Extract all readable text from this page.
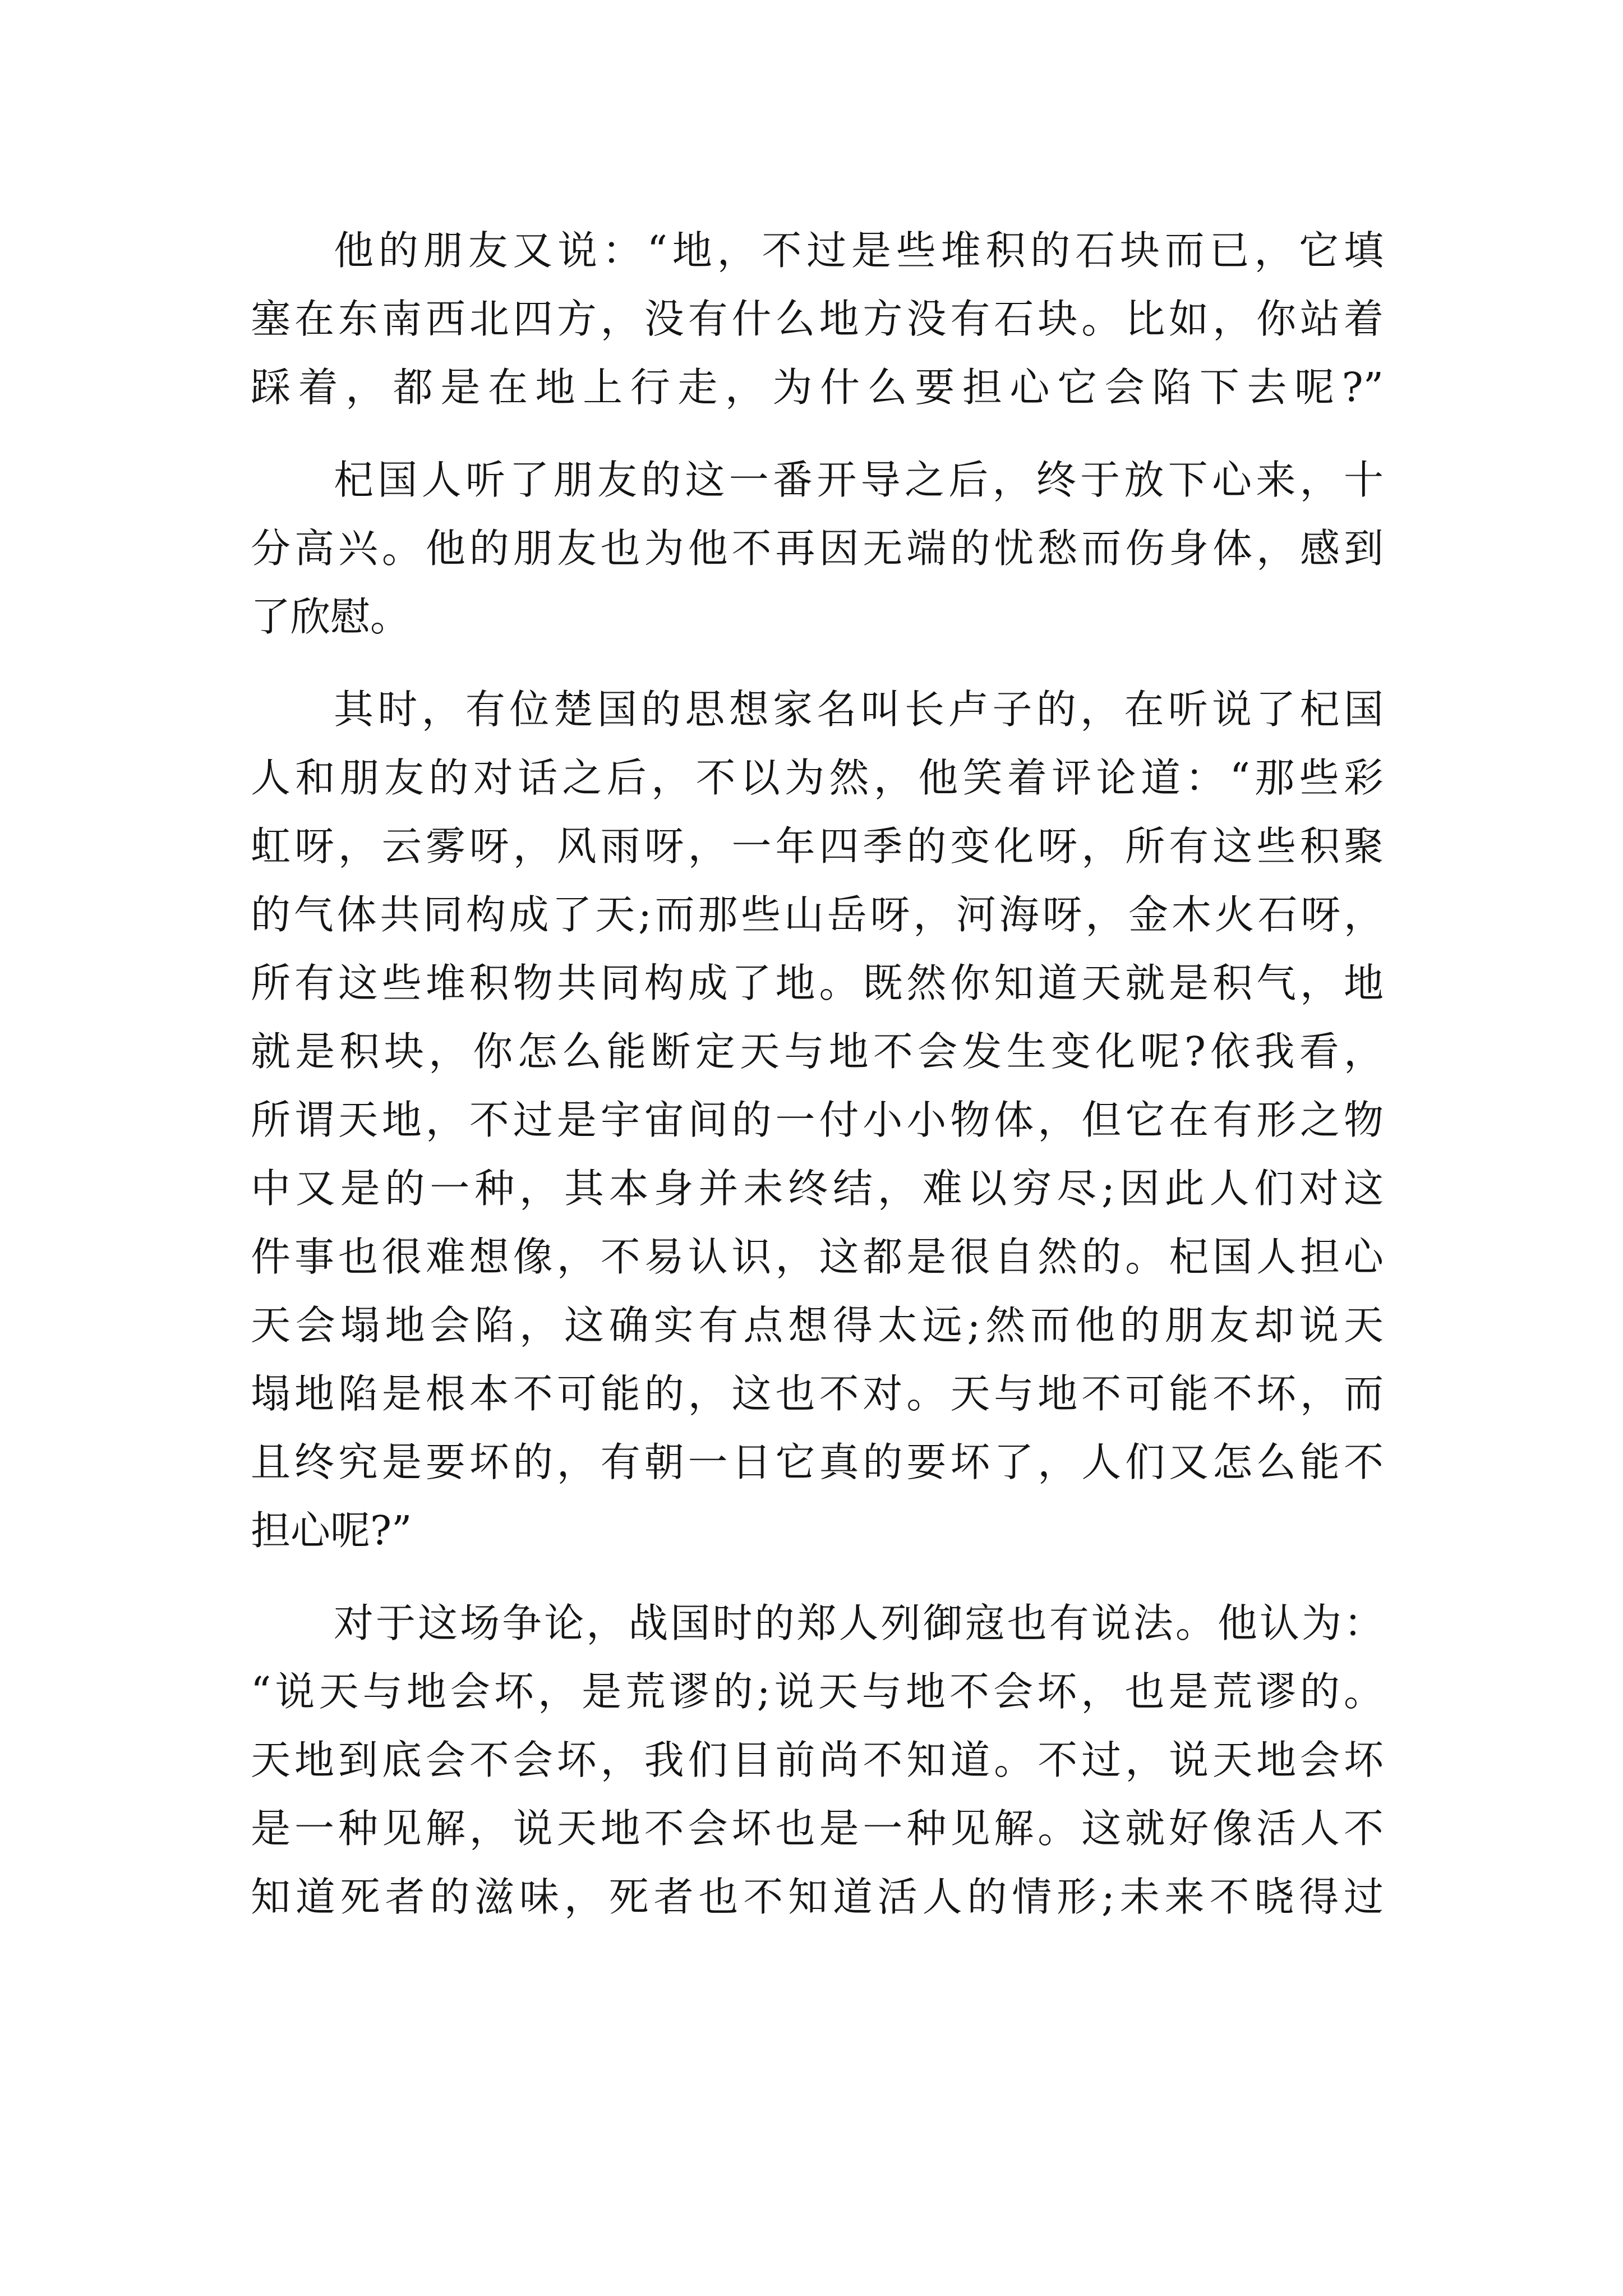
他的朋友又说：“地，不过是些堆积的石块而已，它填
塞在东南西北四方，没有什么地方没有石块。比如，你站着
踩着，都是在地上行走，为什么要担心它会陷下去呢?”
杞国人听了朋友的这一番开导之后，终于放下心来，十
分高兴。他的朋友也为他不再因无端的忧愁而伤身体，感到
了欣慰。
其时，有位楚国的思想家名叫长卢子的，在听说了杞国
人和朋友的对话之后，不以为然，他笑着评论道：“那些彩
虹呀，云雾呀，风雨呀，一年四季的变化呀，所有这些积聚
的气体共同构成了天;而那些山岳呀，河海呀，金木火石呀，
所有这些堆积物共同构成了地。既然你知道天就是积气，地
就是积块，你怎么能断定天与地不会发生变化呢?依我看，
所谓天地，不过是宇宙间的一付小小物体，但它在有形之物
中又是的一种，其本身并未终结，难以穷尽;因此人们对这
件事也很难想像，不易认识，这都是很自然的。杞国人担心
天会塌地会陷，这确实有点想得太远;然而他的朋友却说天
塌地陷是根本不可能的，这也不对。天与地不可能不坏，而
且终究是要坏的，有朝一日它真的要坏了，人们又怎么能不
担心呢?”
对于这场争论，战国时的郑人列御寇也有说法。他认为：
“说天与地会坏，是荒谬的;说天与地不会坏，也是荒谬的。
天地到底会不会坏，我们目前尚不知道。不过，说天地会坏
是一种见解，说天地不会坏也是一种见解。这就好像活人不
知道死者的滋味，死者也不知道活人的情形;未来不晓得过
